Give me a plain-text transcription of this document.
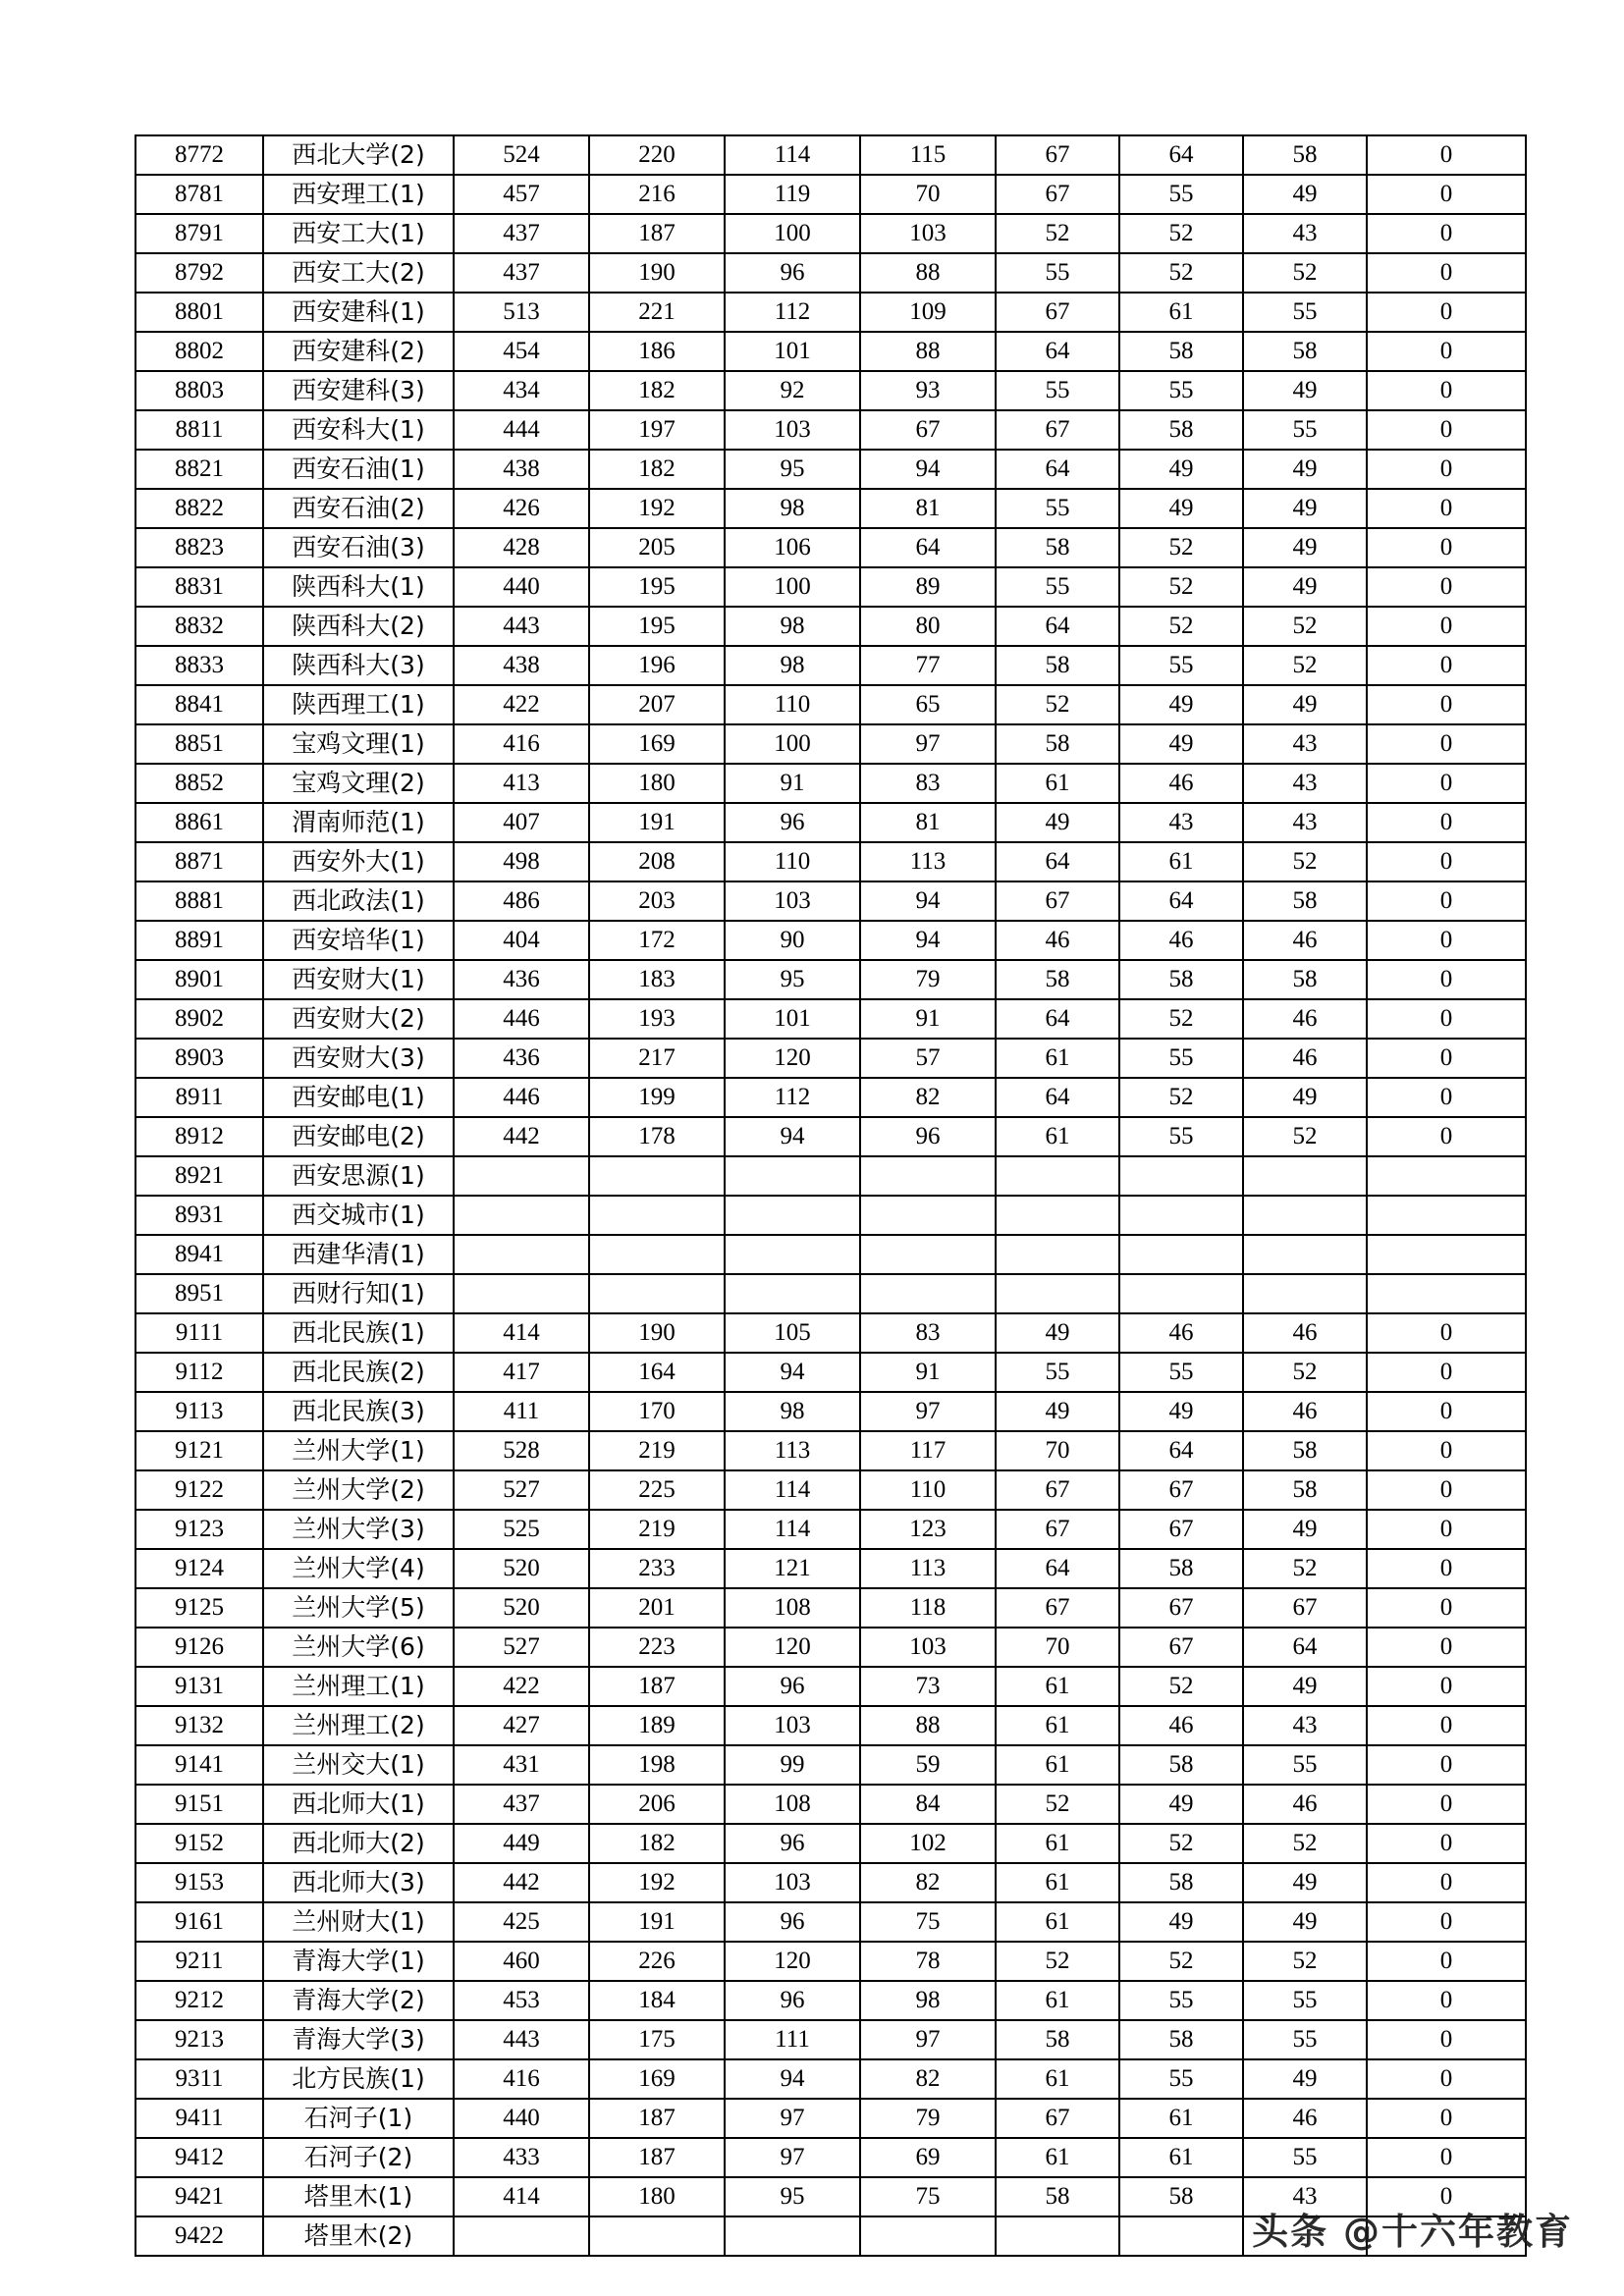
8772	西北大学(2)	524	220	114	115	67	64	58	0
8781	西安理工(1)	457	216	119	70	67	55	49	0
8791	西安工大(1)	437	187	100	103	52	52	43	0
8792	西安工大(2)	437	190	96	88	55	52	52	0
8801	西安建科(1)	513	221	112	109	67	61	55	0
8802	西安建科(2)	454	186	101	88	64	58	58	0
8803	西安建科(3)	434	182	92	93	55	55	49	0
8811	西安科大(1)	444	197	103	67	67	58	55	0
8821	西安石油(1)	438	182	95	94	64	49	49	0
8822	西安石油(2)	426	192	98	81	55	49	49	0
8823	西安石油(3)	428	205	106	64	58	52	49	0
8831	陕西科大(1)	440	195	100	89	55	52	49	0
8832	陕西科大(2)	443	195	98	80	64	52	52	0
8833	陕西科大(3)	438	196	98	77	58	55	52	0
8841	陕西理工(1)	422	207	110	65	52	49	49	0
8851	宝鸡文理(1)	416	169	100	97	58	49	43	0
8852	宝鸡文理(2)	413	180	91	83	61	46	43	0
8861	渭南师范(1)	407	191	96	81	49	43	43	0
8871	西安外大(1)	498	208	110	113	64	61	52	0
8881	西北政法(1)	486	203	103	94	67	64	58	0
8891	西安培华(1)	404	172	90	94	46	46	46	0
8901	西安财大(1)	436	183	95	79	58	58	58	0
8902	西安财大(2)	446	193	101	91	64	52	46	0
8903	西安财大(3)	436	217	120	57	61	55	46	0
8911	西安邮电(1)	446	199	112	82	64	52	49	0
8912	西安邮电(2)	442	178	94	96	61	55	52	0
8921	西安思源(1)								
8931	西交城市(1)								
8941	西建华清(1)								
8951	西财行知(1)								
9111	西北民族(1)	414	190	105	83	49	46	46	0
9112	西北民族(2)	417	164	94	91	55	55	52	0
9113	西北民族(3)	411	170	98	97	49	49	46	0
9121	兰州大学(1)	528	219	113	117	70	64	58	0
9122	兰州大学(2)	527	225	114	110	67	67	58	0
9123	兰州大学(3)	525	219	114	123	67	67	49	0
9124	兰州大学(4)	520	233	121	113	64	58	52	0
9125	兰州大学(5)	520	201	108	118	67	67	67	0
9126	兰州大学(6)	527	223	120	103	70	67	64	0
9131	兰州理工(1)	422	187	96	73	61	52	49	0
9132	兰州理工(2)	427	189	103	88	61	46	43	0
9141	兰州交大(1)	431	198	99	59	61	58	55	0
9151	西北师大(1)	437	206	108	84	52	49	46	0
9152	西北师大(2)	449	182	96	102	61	52	52	0
9153	西北师大(3)	442	192	103	82	61	58	49	0
9161	兰州财大(1)	425	191	96	75	61	49	49	0
9211	青海大学(1)	460	226	120	78	52	52	52	0
9212	青海大学(2)	453	184	96	98	61	55	55	0
9213	青海大学(3)	443	175	111	97	58	58	55	0
9311	北方民族(1)	416	169	94	82	61	55	49	0
9411	石河子(1)	440	187	97	79	67	61	46	0
9412	石河子(2)	433	187	97	69	61	61	55	0
9421	塔里木(1)	414	180	95	75	58	58	43	0
9422	塔里木(2)									头条 @十六年教育
